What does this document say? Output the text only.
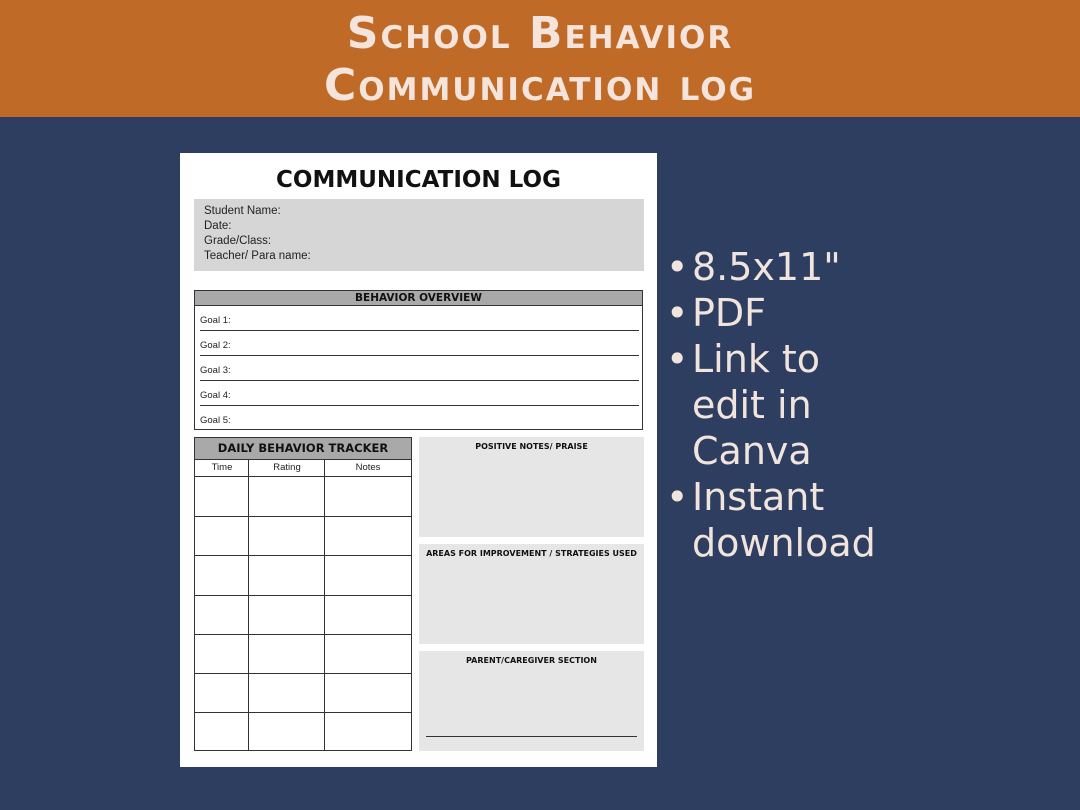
School Behavior
Communication log
COMMUNICATION LOG
Student Name:
Date:
Grade/Class:
Teacher/ Para name:
BEHAVIOR OVERVIEW
Goal 1:
Goal 2:
Goal 3:
Goal 4:
Goal 5:
DAILY BEHAVIOR TRACKER
Time	Rating	Notes
POSITIVE NOTES/ PRAISE
AREAS FOR IMPROVEMENT / STRATEGIES USED
PARENT/CAREGIVER SECTION
• 8.5x11"
• PDF
• Link to
edit in
Canva
• Instant
download
